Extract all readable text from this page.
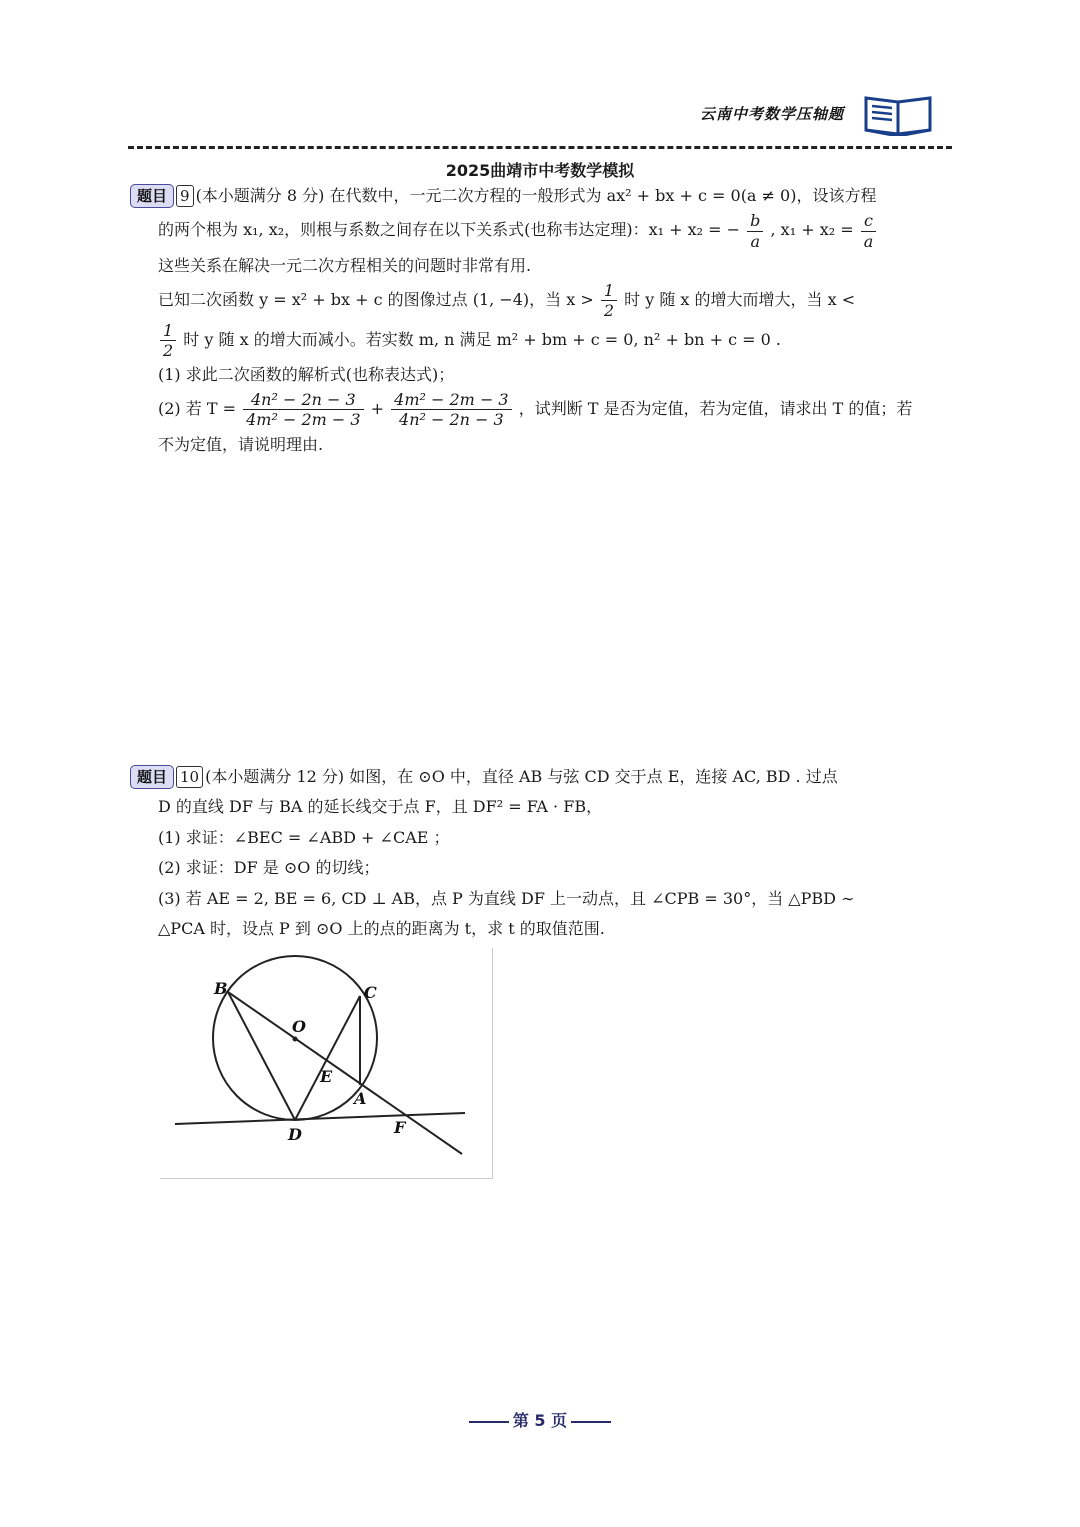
云南中考数学压轴题
2025曲靖市中考数学模拟
题目 9 (本小题满分 8 分) 在代数中，一元二次方程的一般形式为 ax² + bx + c = 0(a ≠ 0)，设该方程
的两个根为 x₁, x₂，则根与系数之间存在以下关系式(也称韦达定理)：x₁ + x₂ = − $\frac{b}{a}$ , $x_1 + x_2 = \frac{c}{a}$
这些关系在解决一元二次方程相关的问题时非常有用.
已知二次函数 y = x² + bx + c 的图像过点 (1, −4)，当 $x > \frac{1}{2}$ 时 y 随 x 的增大而增大，当 x <
$\frac{1}{2}$ 时 y 随 x 的增大而减小。若实数 m, n 满足 m² + bm + c = 0, n² + bn + c = 0 .
(1) 求此二次函数的解析式(也称表达式)；
(2) 若 $T = \frac{\text{4n² − 2n − 3}}{\text{4m² − 2m − 3}} + \frac{\text{4m² − 2m − 3}}{\text{4n² − 2n − 3}}$ ，试判断 T 是否为定值，若为定值，请求出 T 的值；若
不为定值，请说明理由.
题目 10 (本小题满分 12 分) 如图，在 ⊙O 中，直径 AB 与弦 CD 交于点 E，连接 AC, BD . 过点
D 的直线 DF 与 BA 的延长线交于点 F，且 DF² = FA · FB，
(1) 求证：∠BEC = ∠ABD + ∠CAE ；
(2) 求证：DF 是 ⊙O 的切线；
(3) 若 AE = 2, BE = 6, CD ⊥ AB，点 P 为直线 DF 上一动点，且 ∠CPB = 30°，当 △PBD ∼
△PCA 时，设点 P 到 ⊙O 上的点的距离为 t，求 t 的取值范围.
B	C
O
E
A
D	F
第 5 页
